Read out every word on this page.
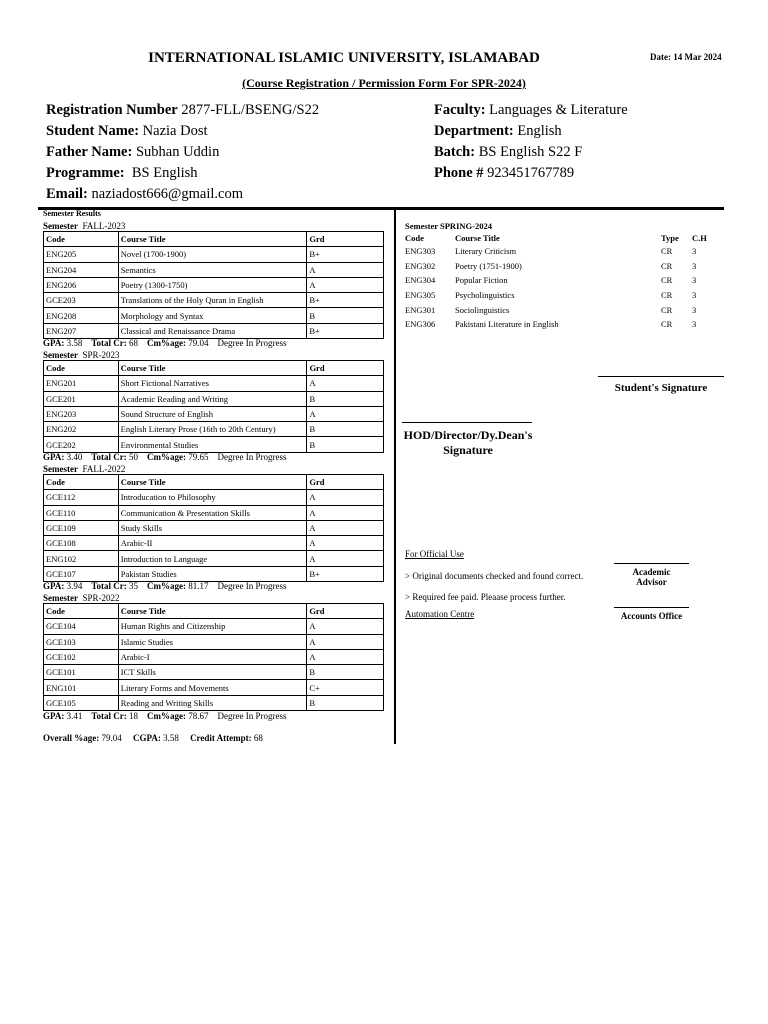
INTERNATIONAL ISLAMIC UNIVERSITY, ISLAMABAD	Date: 14 Mar 2024
(Course Registration / Permission Form For SPR-2024)
Registration Number 2877-FLL/BSENG/S22
Student Name: Nazia Dost
Father Name: Subhan Uddin
Programme: BS English
Email: naziadost666@gmail.com
Faculty: Languages & Literature
Department: English
Batch: BS English S22 F
Phone # 923451767789
Semester Results
Semester FALL-2023
Code	Course Title	Grd
ENG205	Novel (1700-1900)	B+
ENG204	Semantics	A
ENG206	Poetry (1300-1750)	A
GCE203	Translations of the Holy Quran in English	B+
ENG208	Morphology and Syntax	B
ENG207	Classical and Renaissance Drama	B+
GPA: 3.58 Total Cr: 68 Cm%age: 79.04 Degree In Progress
Semester SPR-2023
Code	Course Title	Grd
ENG201	Short Fictional Narratives	A
GCE201	Academic Reading and Writing	B
ENG203	Sound Structure of English	A
ENG202	English Literary Prose (16th to 20th Century)	B
GCE202	Environmental Studies	B
GPA: 3.40 Total Cr: 50 Cm%age: 79.65 Degree In Progress
Semester FALL-2022
Code	Course Title	Grd
GCE112	Introducation to Philosophy	A
GCE110	Communication & Presentation Skills	A
GCE109	Study Skills	A
GCE108	Arabic-II	A
ENG102	Introduction to Language	A
GCE107	Pakistan Studies	B+
GPA: 3.94 Total Cr: 35 Cm%age: 81.17 Degree In Progress
Semester SPR-2022
Code	Course Title	Grd
GCE104	Human Rights and Citizenship	A
GCE103	Islamic Studies	A
GCE102	Arabic-I	A
GCE101	ICT Skills	B
ENG101	Literary Forms and Movements	C+
GCE105	Reading and Writing Skills	B
GPA: 3.41 Total Cr: 18 Cm%age: 78.67 Degree In Progress
Overall %age: 79.04 CGPA: 3.58 Credit Attempt: 68
Semester SPRING-2024
Code	Course Title	Type	C.H
ENG303	Literary Criticism	CR	3
ENG302	Poetry (1751-1900)	CR	3
ENG304	Popular Fiction	CR	3
ENG305	Psycholinguistics	CR	3
ENG301	Sociolinguistics	CR	3
ENG306	Pakistani Literature in English	CR	3
Student's Signature
HOD/Director/Dy.Dean's
Signature
For Official Use
> Original documents checked and found correct.
> Required fee paid. Pleaase process further.
Automation Centre
Academic
Advisor
Accounts Office
